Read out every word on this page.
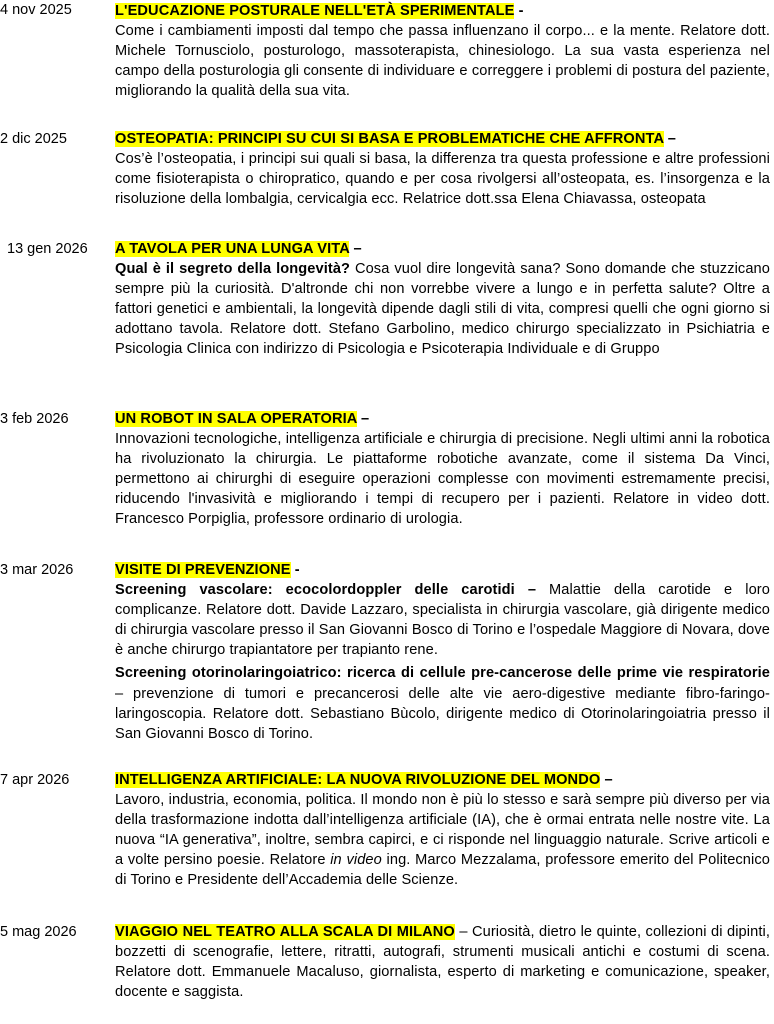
4 nov 2025	L'EDUCAZIONE POSTURALE NELL'ETÀ SPERIMENTALE -
Come i cambiamenti imposti dal tempo che passa influenzano il corpo... e la mente. Relatore dott. Michele Tornusciolo, posturologo, massoterapista, chinesiologo. La sua vasta esperienza nel campo della posturologia gli consente di individuare e correggere i problemi di postura del paziente, migliorando la qualità della sua vita.
2 dic 2025	OSTEOPATIA: PRINCIPI SU CUI SI BASA E PROBLEMATICHE CHE AFFRONTA –
Cos’è l’osteopatia, i principi sui quali si basa, la differenza tra questa professione e altre professioni come fisioterapista o chiropratico, quando e per cosa rivolgersi all’osteopata, es. l’insorgenza e la risoluzione della lombalgia, cervicalgia ecc. Relatrice dott.ssa Elena Chiavassa, osteopata
13 gen 2026 A TAVOLA PER UNA LUNGA VITA –
Qual è il segreto della longevità? Cosa vuol dire longevità sana? Sono domande che stuzzicano sempre più la curiosità. D'altronde chi non vorrebbe vivere a lungo e in perfetta salute? Oltre a fattori genetici e ambientali, la longevità dipende dagli stili di vita, compresi quelli che ogni giorno si adottano tavola. Relatore dott. Stefano Garbolino, medico chirurgo specializzato in Psichiatria e Psicologia Clinica con indirizzo di Psicologia e Psicoterapia Individuale e di Gruppo
3 feb 2026	UN ROBOT IN SALA OPERATORIA –
Innovazioni tecnologiche, intelligenza artificiale e chirurgia di precisione. Negli ultimi anni la robotica ha rivoluzionato la chirurgia. Le piattaforme robotiche avanzate, come il sistema Da Vinci, permettono ai chirurghi di eseguire operazioni complesse con movimenti estremamente precisi, riducendo l'invasività e migliorando i tempi di recupero per i pazienti. Relatore in video dott. Francesco Porpiglia, professore ordinario di urologia.
3 mar 2026	VISITE DI PREVENZIONE -
Screening vascolare: ecocolordoppler delle carotidi – Malattie della carotide e loro complicanze. Relatore dott. Davide Lazzaro, specialista in chirurgia vascolare, già dirigente medico di chirurgia vascolare presso il San Giovanni Bosco di Torino e l’ospedale Maggiore di Novara, dove è anche chirurgo trapiantatore per trapianto rene.
Screening otorinolaringoiatrico: ricerca di cellule pre-cancerose delle prime vie respiratorie – prevenzione di tumori e precancerosi delle alte vie aero-digestive mediante fibro-faringo-laringoscopia. Relatore dott. Sebastiano Bùcolo, dirigente medico di Otorinolaringoiatria presso il San Giovanni Bosco di Torino.
7 apr 2026	INTELLIGENZA ARTIFICIALE: LA NUOVA RIVOLUZIONE DEL MONDO –
Lavoro, industria, economia, politica. Il mondo non è più lo stesso e sarà sempre più diverso per via della trasformazione indotta dall’intelligenza artificiale (IA), che è ormai entrata nelle nostre vite. La nuova “IA generativa”, inoltre, sembra capirci, e ci risponde nel linguaggio naturale. Scrive articoli e a volte persino poesie. Relatore in video ing. Marco Mezzalama, professore emerito del Politecnico di Torino e Presidente dell’Accademia delle Scienze.
5 mag 2026	VIAGGIO NEL TEATRO ALLA SCALA DI MILANO – Curiosità, dietro le quinte, collezioni di dipinti, bozzetti di scenografie, lettere, ritratti, autografi, strumenti musicali antichi e costumi di scena. Relatore dott. Emmanuele Macaluso, giornalista, esperto di marketing e comunicazione, speaker, docente e saggista.
